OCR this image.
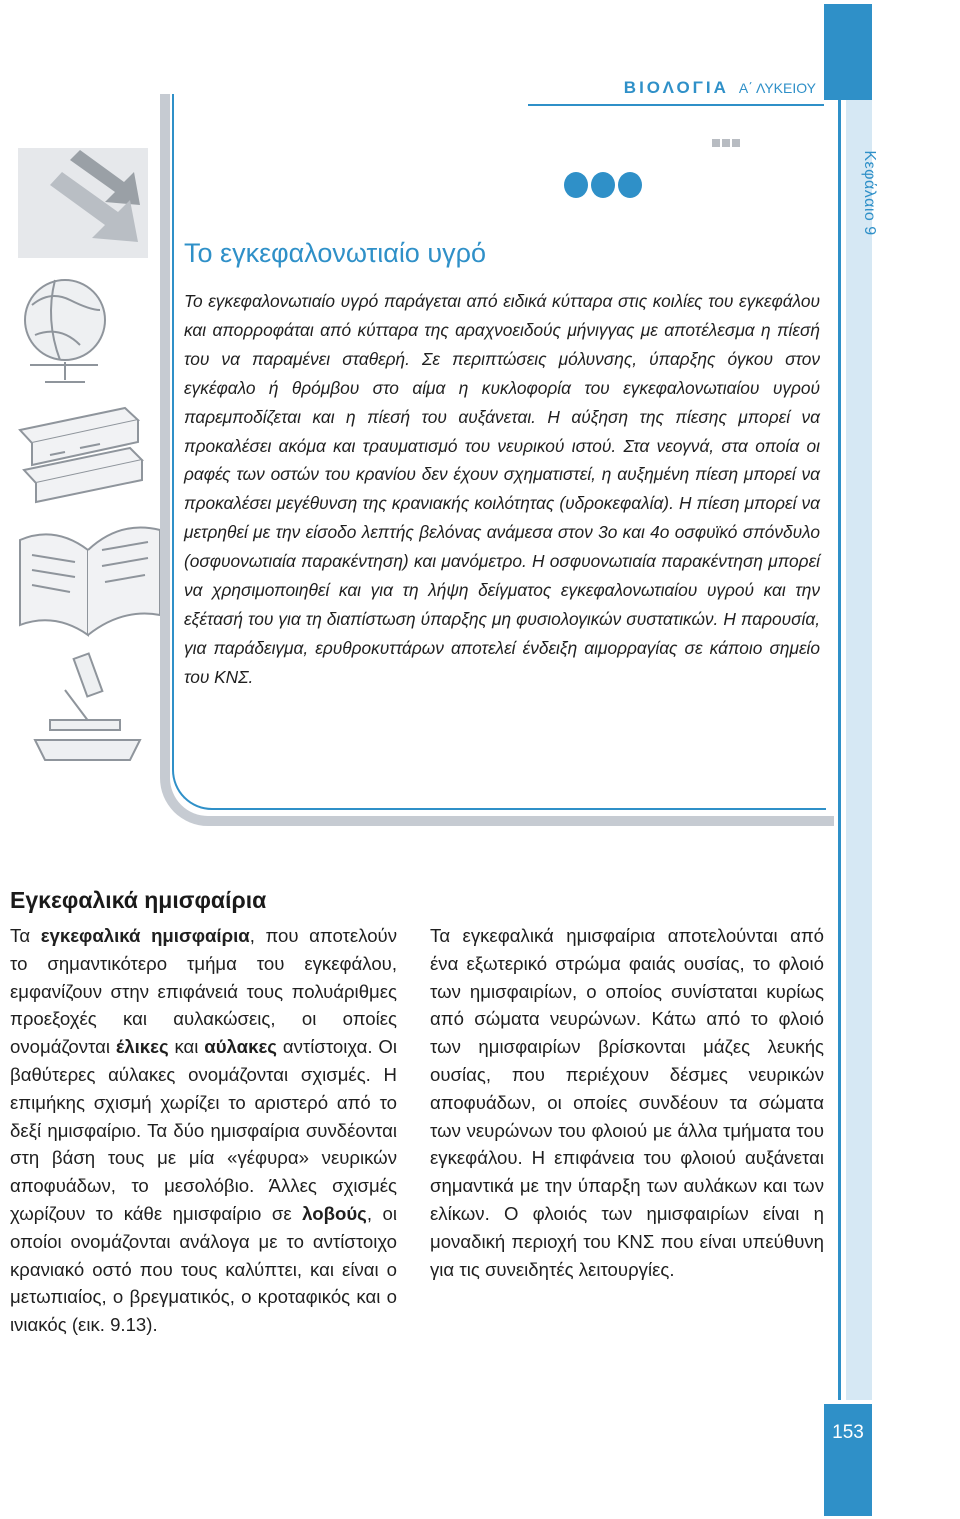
Κεφάλαιο 9
153
ΒΙΟΛΟΓΙΑ Α΄ ΛΥΚΕΙΟΥ
Το εγκεφαλονωτιαίο υγρό
Το εγκεφαλονωτιαίο υγρό παράγεται από ειδικά κύτταρα στις κοιλίες του εγκεφάλου και απορροφάται από κύτταρα της αραχνοειδούς μήνιγγας με αποτέλεσμα η πίεσή του να παραμένει σταθερή. Σε περιπτώσεις μόλυνσης, ύπαρξης όγκου στον εγκέφαλο ή θρόμβου στο αίμα η κυκλοφορία του εγκεφαλονωτιαίου υγρού παρεμποδίζεται και η πίεσή του αυξάνεται. Η αύξηση της πίεσης μπορεί να προκαλέσει ακόμα και τραυματισμό του νευρικού ιστού. Στα νεογνά, στα οποία οι ραφές των οστών του κρανίου δεν έχουν σχηματιστεί, η αυξημένη πίεση μπορεί να προκαλέσει μεγέθυνση της κρανιακής κοιλότητας (υδροκεφαλία). Η πίεση μπορεί να μετρηθεί με την είσοδο λεπτής βελόνας ανάμεσα στον 3ο και 4ο οσφυϊκό σπόνδυλο (οσφυονωτιαία παρακέντηση) και μανόμετρο. Η οσφυονωτιαία παρακέντηση μπορεί να χρησιμοποιηθεί και για τη λήψη δείγματος εγκεφαλονωτιαίου υγρού και την εξέτασή του για τη διαπίστωση ύπαρξης μη φυσιολογικών συστατικών. Η παρουσία, για παράδειγμα, ερυθροκυττάρων αποτελεί ένδειξη αιμορραγίας σε κάποιο σημείο του ΚΝΣ.
Εγκεφαλικά ημισφαίρια
Τα εγκεφαλικά ημισφαίρια, που αποτελούν το σημαντικότερο τμήμα του εγκεφάλου, εμφανίζουν στην επιφάνειά τους πολυάριθμες προεξοχές και αυλακώσεις, οι οποίες ονομάζονται έλικες και αύλακες αντίστοιχα. Οι βαθύτερες αύλακες ονομάζονται σχισμές. Η επιμήκης σχισμή χωρίζει το αριστερό από το δεξί ημισφαίριο. Τα δύο ημισφαίρια συνδέονται στη βάση τους με μία «γέφυρα» νευρικών αποφυάδων, το μεσολόβιο. Άλλες σχισμές χωρίζουν το κάθε ημισφαίριο σε λοβούς, οι οποίοι ονομάζονται ανάλογα με το αντίστοιχο κρανιακό οστό που τους καλύπτει, και είναι ο μετωπιαίος, ο βρεγματικός, ο κροταφικός και ο ινιακός (εικ. 9.13).
Τα εγκεφαλικά ημισφαίρια αποτελούνται από ένα εξωτερικό στρώμα φαιάς ουσίας, το φλοιό των ημισφαιρίων, ο οποίος συνίσταται κυρίως από σώματα νευρώνων. Κάτω από το φλοιό των ημισφαιρίων βρίσκονται μάζες λευκής ουσίας, που περιέχουν δέσμες νευρικών αποφυάδων, οι οποίες συνδέουν τα σώματα των νευρώνων του φλοιού με άλλα τμήματα του εγκεφάλου. Η επιφάνεια του φλοιού αυξάνεται σημαντικά με την ύπαρξη των αυλάκων και των ελίκων. Ο φλοιός των ημισφαιρίων είναι η μοναδική περιοχή του ΚΝΣ που είναι υπεύθυνη για τις συνειδητές λειτουργίες.
